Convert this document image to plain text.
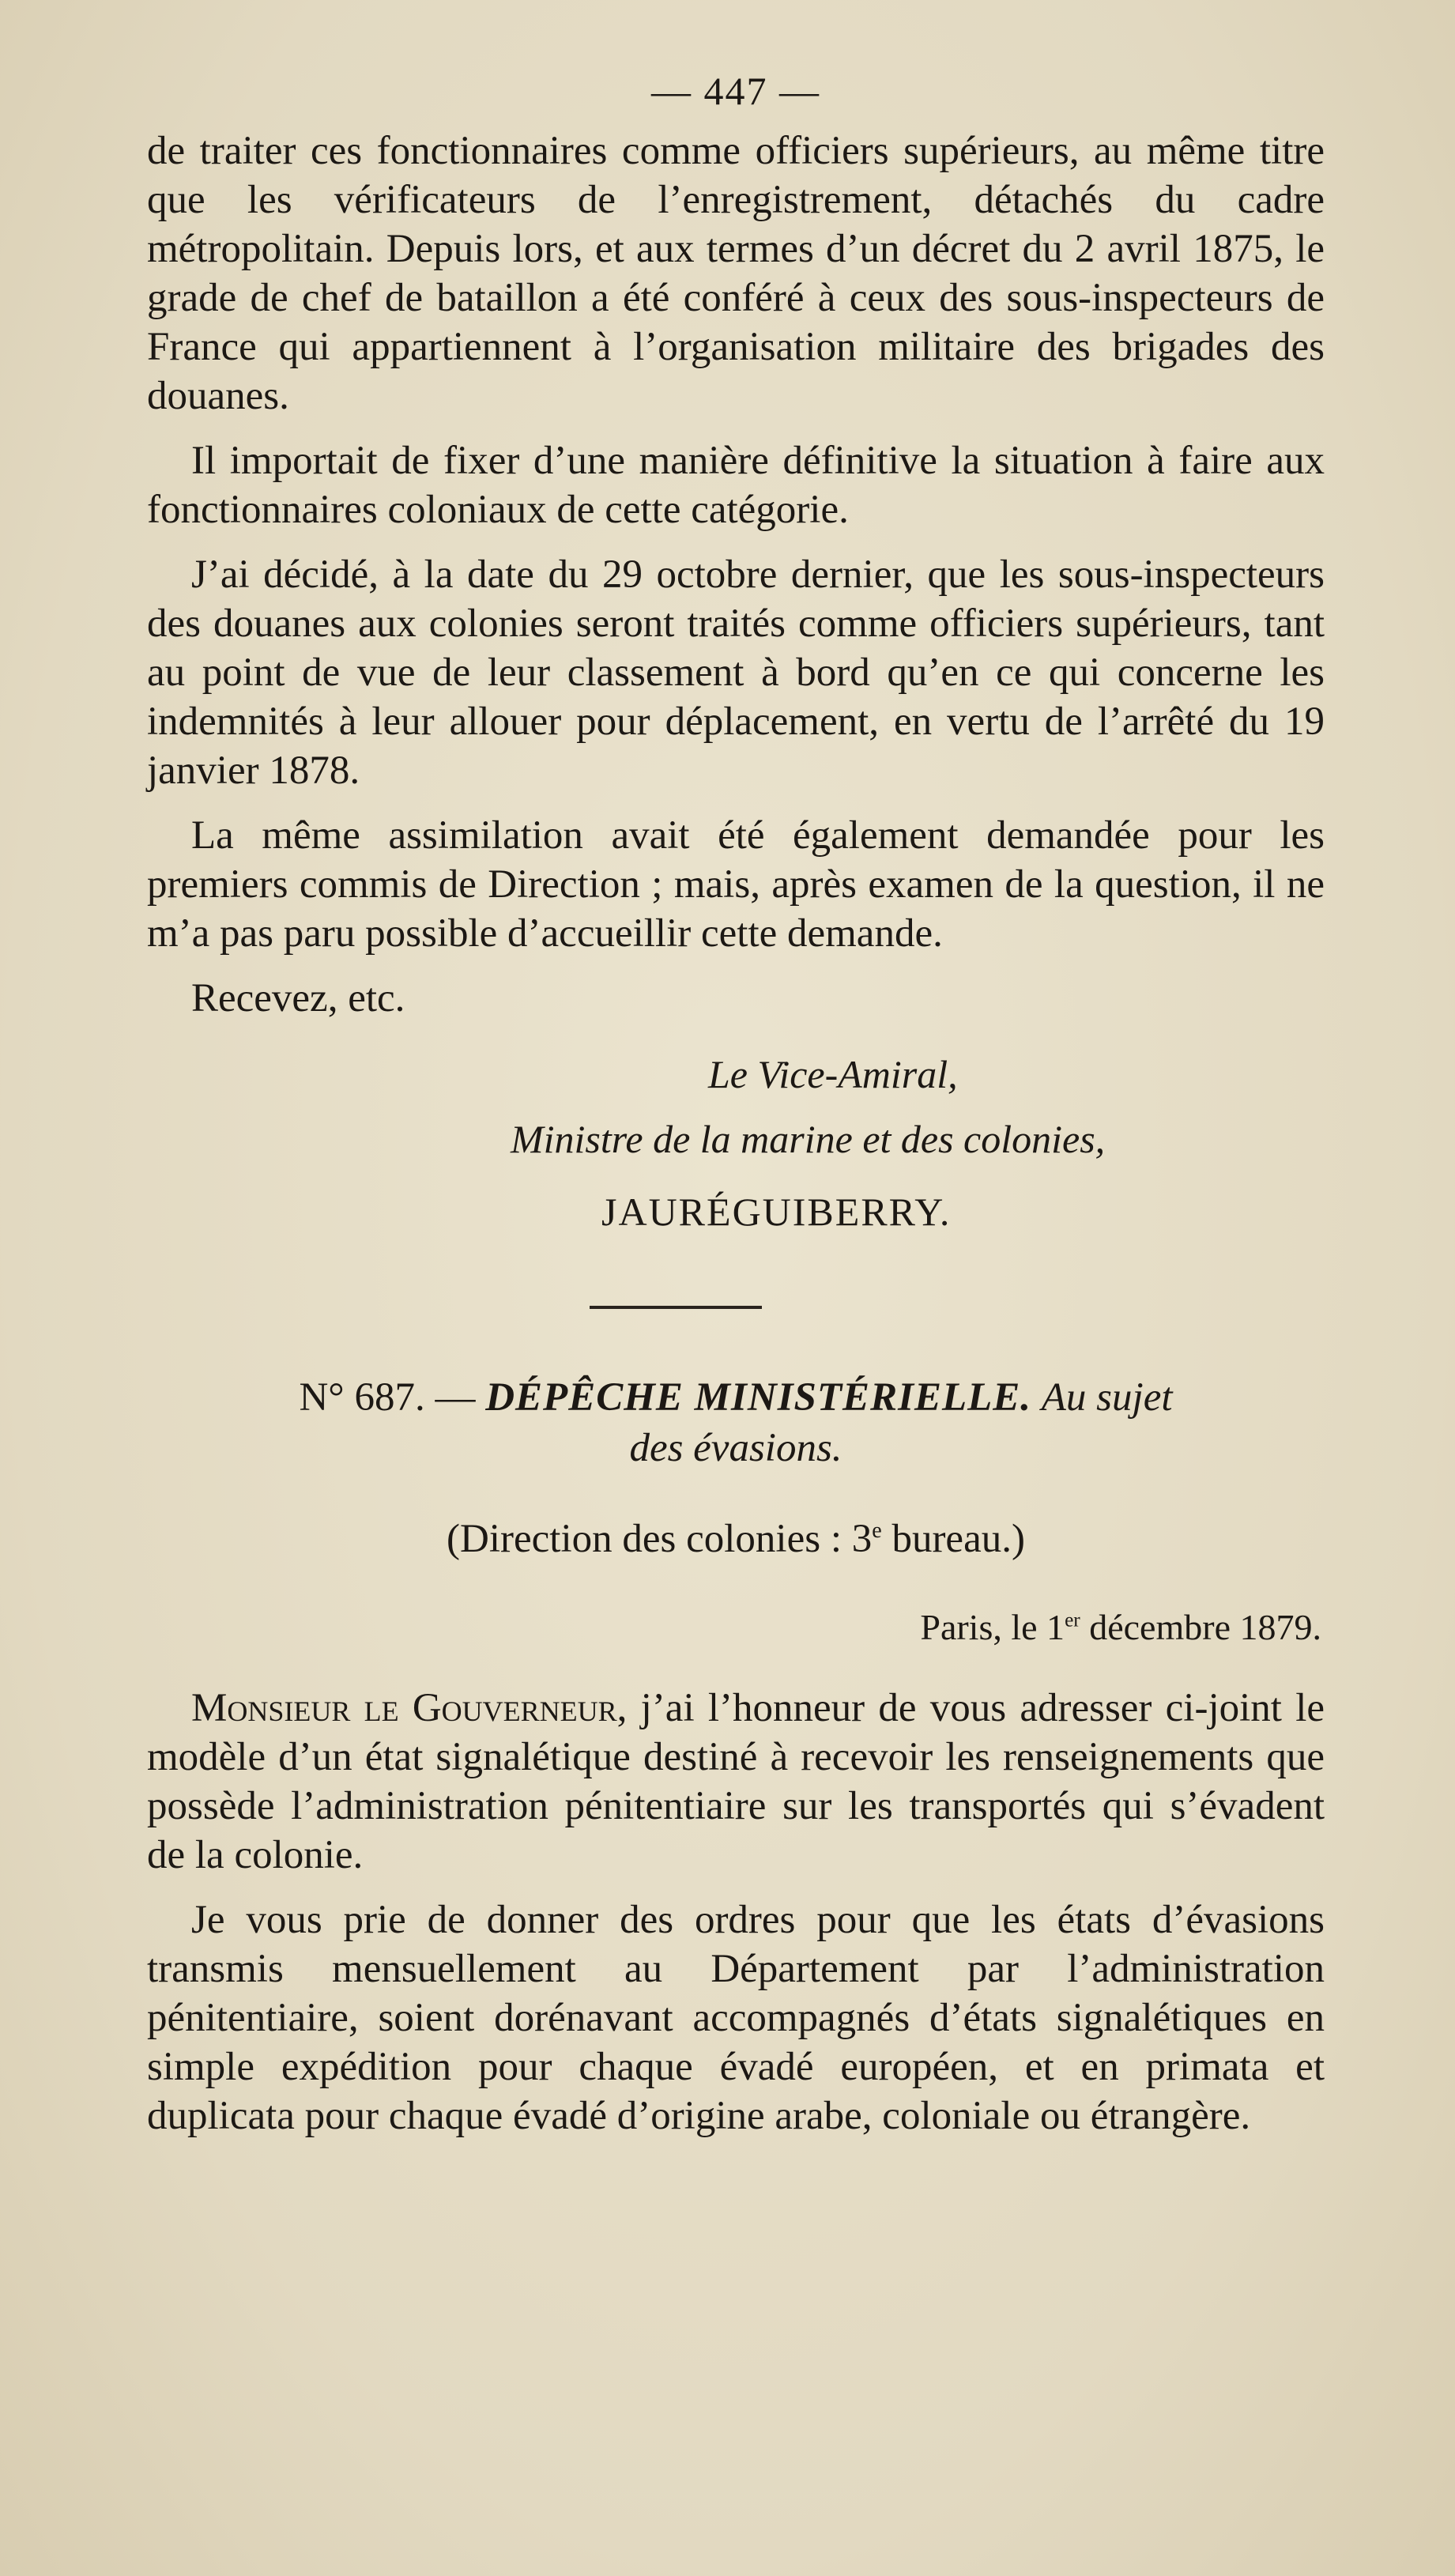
— 447 —

de traiter ces fonctionnaires comme officiers supérieurs, au même titre que les vérificateurs de l’enregistrement, détachés du cadre métropolitain. Depuis lors, et aux termes d’un décret du 2 avril 1875, le grade de chef de bataillon a été conféré à ceux des sous-inspecteurs de France qui appartiennent à l’organisation militaire des brigades des douanes.

Il importait de fixer d’une manière définitive la situation à faire aux fonctionnaires coloniaux de cette catégorie.

J’ai décidé, à la date du 29 octobre dernier, que les sous-inspecteurs des douanes aux colonies seront traités comme officiers supérieurs, tant au point de vue de leur classement à bord qu’en ce qui concerne les indemnités à leur allouer pour déplacement, en vertu de l’arrêté du 19 janvier 1878.

La même assimilation avait été également demandée pour les premiers commis de Direction ; mais, après examen de la question, il ne m’a pas paru possible d’accueillir cette demande.

Recevez, etc.

Le Vice-Amiral,
Ministre de la marine et des colonies,
JAURÉGUIBERRY.
N° 687. — DÉPÊCHE MINISTÉRIELLE. Au sujet
des évasions.
(Direction des colonies : 3e bureau.)
Paris, le 1er décembre 1879.

Monsieur le Gouverneur, j’ai l’honneur de vous adresser ci-joint le modèle d’un état signalétique destiné à recevoir les renseignements que possède l’administration pénitentiaire sur les transportés qui s’évadent de la colonie.

Je vous prie de donner des ordres pour que les états d’évasions transmis mensuellement au Département par l’administration pénitentiaire, soient dorénavant accompagnés d’états signalétiques en simple expédition pour chaque évadé européen, et en primata et duplicata pour chaque évadé d’origine arabe, coloniale ou étrangère.
